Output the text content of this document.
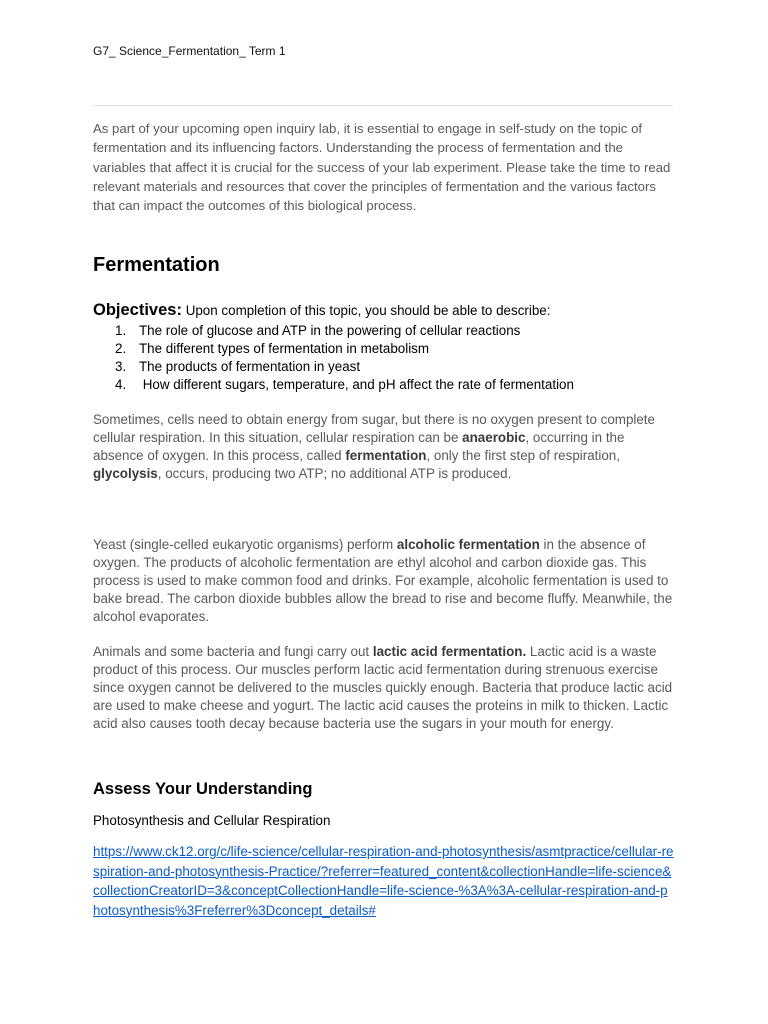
G7_ Science_Fermentation_ Term 1
As part of your upcoming open inquiry lab, it is essential to engage in self-study on the topic of fermentation and its influencing factors. Understanding the process of fermentation and the variables that affect it is crucial for the success of your lab experiment. Please take the time to read relevant materials and resources that cover the principles of fermentation and the various factors that can impact the outcomes of this biological process.
Fermentation
Objectives: Upon completion of this topic, you should be able to describe:
1. The role of glucose and ATP in the powering of cellular reactions
2. The different types of fermentation in metabolism
3. The products of fermentation in yeast
4. How different sugars, temperature, and pH affect the rate of fermentation
Sometimes, cells need to obtain energy from sugar, but there is no oxygen present to complete cellular respiration. In this situation, cellular respiration can be anaerobic, occurring in the absence of oxygen. In this process, called fermentation, only the first step of respiration, glycolysis, occurs, producing two ATP; no additional ATP is produced.
Yeast (single-celled eukaryotic organisms) perform alcoholic fermentation in the absence of oxygen. The products of alcoholic fermentation are ethyl alcohol and carbon dioxide gas. This process is used to make common food and drinks. For example, alcoholic fermentation is used to bake bread. The carbon dioxide bubbles allow the bread to rise and become fluffy. Meanwhile, the alcohol evaporates.
Animals and some bacteria and fungi carry out lactic acid fermentation. Lactic acid is a waste product of this process. Our muscles perform lactic acid fermentation during strenuous exercise since oxygen cannot be delivered to the muscles quickly enough. Bacteria that produce lactic acid are used to make cheese and yogurt. The lactic acid causes the proteins in milk to thicken. Lactic acid also causes tooth decay because bacteria use the sugars in your mouth for energy.
Assess Your Understanding
Photosynthesis and Cellular Respiration
https://www.ck12.org/c/life-science/cellular-respiration-and-photosynthesis/asmtpractice/cellular-respiration-and-photosynthesis-Practice/?referrer=featured_content&collectionHandle=life-science&collectionCreatorID=3&conceptCollectionHandle=life-science-%3A%3A-cellular-respiration-and-photosynthesis%3Freferrer%3Dconcept_details#
